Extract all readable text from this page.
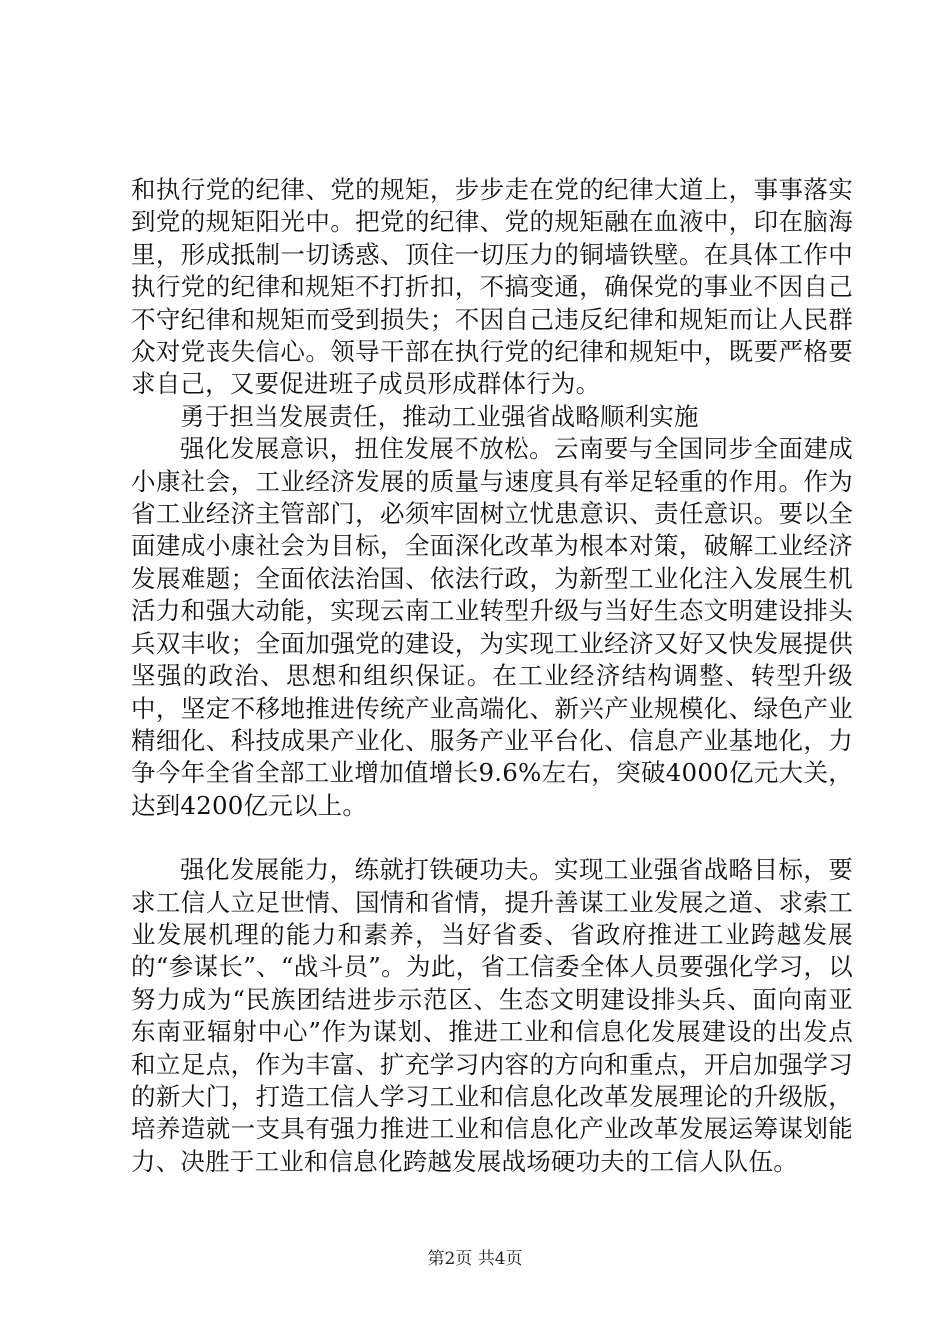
和执行党的纪律、党的规矩，步步走在党的纪律大道上，事事落实到党的规矩阳光中。把党的纪律、党的规矩融在血液中，印在脑海里，形成抵制一切诱惑、顶住一切压力的铜墙铁壁。在具体工作中执行党的纪律和规矩不打折扣，不搞变通，确保党的事业不因自己不守纪律和规矩而受到损失；不因自己违反纪律和规矩而让人民群众对党丧失信心。领导干部在执行党的纪律和规矩中，既要严格要求自己，又要促进班子成员形成群体行为。

勇于担当发展责任，推动工业强省战略顺利实施

强化发展意识，扭住发展不放松。云南要与全国同步全面建成小康社会，工业经济发展的质量与速度具有举足轻重的作用。作为省工业经济主管部门，必须牢固树立忧患意识、责任意识。要以全面建成小康社会为目标，全面深化改革为根本对策，破解工业经济发展难题；全面依法治国、依法行政，为新型工业化注入发展生机活力和强大动能，实现云南工业转型升级与当好生态文明建设排头兵双丰收；全面加强党的建设，为实现工业经济又好又快发展提供坚强的政治、思想和组织保证。在工业经济结构调整、转型升级中，坚定不移地推进传统产业高端化、新兴产业规模化、绿色产业精细化、科技成果产业化、服务产业平台化、信息产业基地化，力争今年全省全部工业增加值增长9.6%左右，突破4000亿元大关，达到4200亿元以上。

强化发展能力，练就打铁硬功夫。实现工业强省战略目标，要求工信人立足世情、国情和省情，提升善谋工业发展之道、求索工业发展机理的能力和素养，当好省委、省政府推进工业跨越发展的“参谋长”、“战斗员”。为此，省工信委全体人员要强化学习，以努力成为“民族团结进步示范区、生态文明建设排头兵、面向南亚东南亚辐射中心”作为谋划、推进工业和信息化发展建设的出发点和立足点，作为丰富、扩充学习内容的方向和重点，开启加强学习的新大门，打造工信人学习工业和信息化改革发展理论的升级版，培养造就一支具有强力推进工业和信息化产业改革发展运筹谋划能力、决胜于工业和信息化跨越发展战场硬功夫的工信人队伍。

第2页 共4页
